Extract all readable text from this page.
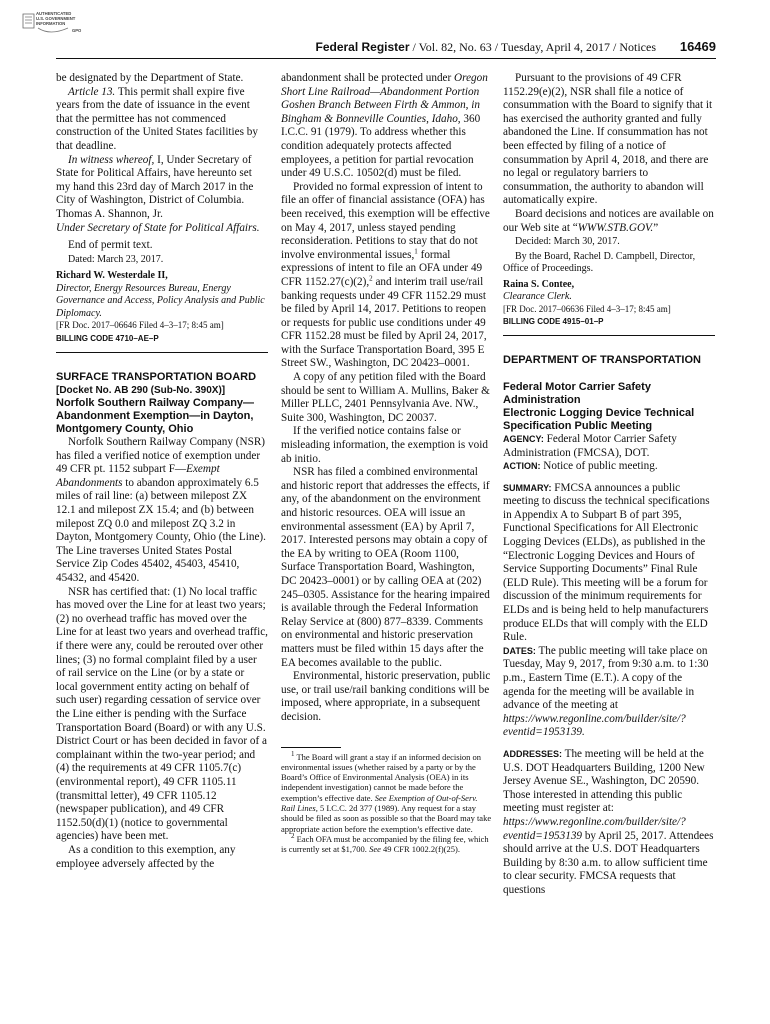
AUTHENTICATED
U.S. GOVERNMENT
INFORMATION
GPO
Federal Register / Vol. 82, No. 63 / Tuesday, April 4, 2017 / Notices 16469

be designated by the Department of State.

Article 13. This permit shall expire five years from the date of issuance in the event that the permittee has not commenced construction of the United States facilities by that deadline.

In witness whereof, I, Under Secretary of State for Political Affairs, have hereunto set my hand this 23rd day of March 2017 in the City of Washington, District of Columbia.

Thomas A. Shannon, Jr.

Under Secretary of State for Political Affairs.

End of permit text.

Dated: March 23, 2017.

Richard W. Westerdale II,

Director, Energy Resources Bureau, Energy Governance and Access, Policy Analysis and Public Diplomacy.

[FR Doc. 2017–06646 Filed 4–3–17; 8:45 am]

BILLING CODE 4710–AE–P

SURFACE TRANSPORTATION BOARD

[Docket No. AB 290 (Sub-No. 390X)]

Norfolk Southern Railway Company—Abandonment Exemption—in Dayton, Montgomery County, Ohio

Norfolk Southern Railway Company (NSR) has filed a verified notice of exemption under 49 CFR pt. 1152 subpart F—Exempt Abandonments to abandon approximately 6.5 miles of rail line: (a) between milepost ZX 12.1 and milepost ZX 15.4; and (b) between milepost ZQ 0.0 and milepost ZQ 3.2 in Dayton, Montgomery County, Ohio (the Line). The Line traverses United States Postal Service Zip Codes 45402, 45403, 45410, 45432, and 45420.

NSR has certified that: (1) No local traffic has moved over the Line for at least two years; (2) no overhead traffic has moved over the Line for at least two years and overhead traffic, if there were any, could be rerouted over other lines; (3) no formal complaint filed by a user of rail service on the Line (or by a state or local government entity acting on behalf of such user) regarding cessation of service over the Line either is pending with the Surface Transportation Board (Board) or with any U.S. District Court or has been decided in favor of a complainant within the two-year period; and (4) the requirements at 49 CFR 1105.7(c) (environmental report), 49 CFR 1105.11 (transmittal letter), 49 CFR 1105.12 (newspaper publication), and 49 CFR 1152.50(d)(1) (notice to governmental agencies) have been met.

As a condition to this exemption, any employee adversely affected by the

abandonment shall be protected under Oregon Short Line Railroad—Abandonment Portion Goshen Branch Between Firth & Ammon, in Bingham & Bonneville Counties, Idaho, 360 I.C.C. 91 (1979). To address whether this condition adequately protects affected employees, a petition for partial revocation under 49 U.S.C. 10502(d) must be filed.

Provided no formal expression of intent to file an offer of financial assistance (OFA) has been received, this exemption will be effective on May 4, 2017, unless stayed pending reconsideration. Petitions to stay that do not involve environmental issues,$^1$ formal expressions of intent to file an OFA under 49 CFR 1152.27(c)(2),$^2$ and interim trail use/rail banking requests under 49 CFR 1152.29 must be filed by April 14, 2017. Petitions to reopen or requests for public use conditions under 49 CFR 1152.28 must be filed by April 24, 2017, with the Surface Transportation Board, 395 E Street SW., Washington, DC 20423–0001.

A copy of any petition filed with the Board should be sent to William A. Mullins, Baker & Miller PLLC, 2401 Pennsylvania Ave. NW., Suite 300, Washington, DC 20037.

If the verified notice contains false or misleading information, the exemption is void ab initio.

NSR has filed a combined environmental and historic report that addresses the effects, if any, of the abandonment on the environment and historic resources. OEA will issue an environmental assessment (EA) by April 7, 2017. Interested persons may obtain a copy of the EA by writing to OEA (Room 1100, Surface Transportation Board, Washington, DC 20423–0001) or by calling OEA at (202) 245–0305. Assistance for the hearing impaired is available through the Federal Information Relay Service at (800) 877–8339. Comments on environmental and historic preservation matters must be filed within 15 days after the EA becomes available to the public.

Environmental, historic preservation, public use, or trail use/rail banking conditions will be imposed, where appropriate, in a subsequent decision.

$^1$ The Board will grant a stay if an informed decision on environmental issues (whether raised by a party or by the Board’s Office of Environmental Analysis (OEA) in its independent investigation) cannot be made before the exemption’s effective date. See Exemption of Out-of-Serv. Rail Lines, 5 I.C.C. 2d 377 (1989). Any request for a stay should be filed as soon as possible so that the Board may take appropriate action before the exemption’s effective date.

$^2$ Each OFA must be accompanied by the filing fee, which is currently set at $1,700. See 49 CFR 1002.2(f)(25).

Pursuant to the provisions of 49 CFR 1152.29(e)(2), NSR shall file a notice of consummation with the Board to signify that it has exercised the authority granted and fully abandoned the Line. If consummation has not been effected by filing of a notice of consummation by April 4, 2018, and there are no legal or regulatory barriers to consummation, the authority to abandon will automatically expire.

Board decisions and notices are available on our Web site at “WWW.STB.GOV.”

Decided: March 30, 2017.

By the Board, Rachel D. Campbell, Director, Office of Proceedings.

Raina S. Contee,

Clearance Clerk.

[FR Doc. 2017–06636 Filed 4–3–17; 8:45 am]

BILLING CODE 4915–01–P

DEPARTMENT OF TRANSPORTATION

Federal Motor Carrier Safety Administration

Electronic Logging Device Technical Specification Public Meeting

AGENCY: Federal Motor Carrier Safety Administration (FMCSA), DOT.

ACTION: Notice of public meeting.

SUMMARY: FMCSA announces a public meeting to discuss the technical specifications in Appendix A to Subpart B of part 395, Functional Specifications for All Electronic Logging Devices (ELDs), as published in the “Electronic Logging Devices and Hours of Service Supporting Documents” Final Rule (ELD Rule). This meeting will be a forum for discussion of the minimum requirements for ELDs and is being held to help manufacturers produce ELDs that will comply with the ELD Rule.

DATES: The public meeting will take place on Tuesday, May 9, 2017, from 9:30 a.m. to 1:30 p.m., Eastern Time (E.T.). A copy of the agenda for the meeting will be available in advance of the meeting at https://www.regonline.com/builder/site/?eventid=1953139.

ADDRESSES: The meeting will be held at the U.S. DOT Headquarters Building, 1200 New Jersey Avenue SE., Washington, DC 20590. Those interested in attending this public meeting must register at: https://www.regonline.com/builder/site/?eventid=1953139 by April 25, 2017. Attendees should arrive at the U.S. DOT Headquarters Building by 8:30 a.m. to allow sufficient time to clear security. FMCSA requests that questions
